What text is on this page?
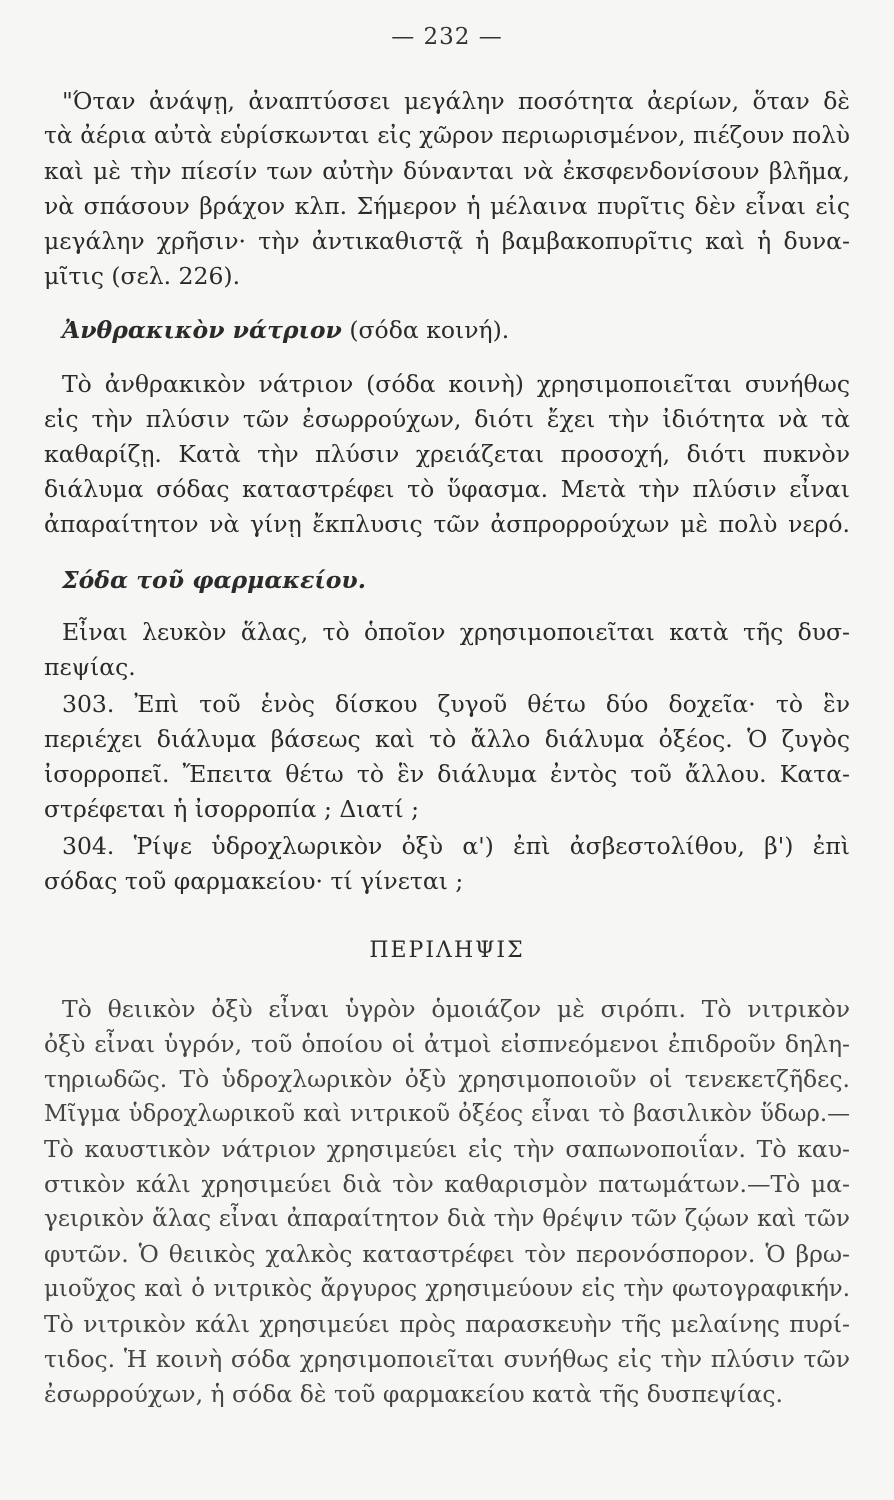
— 232 —
"Όταν ἀνάψῃ, ἀναπτύσσει μεγάλην ποσότητα ἀερίων, ὅταν δὲ
τὰ ἀέρια αὐτὰ εὑρίσκωνται εἰς χῶρον περιωρισμένον, πιέζουν πολὺ
καὶ μὲ τὴν πίεσίν των αὐτὴν δύνανται νὰ ἐκσφενδονίσουν βλῆμα,
νὰ σπάσουν βράχον κλπ. Σήμερον ἡ μέλαινα πυρῖτις δὲν εἶναι εἰς
μεγάλην χρῆσιν· τὴν ἀντικαθιστᾷ ἡ βαμβακοπυρῖτις καὶ ἡ δυνα-
μῖτις (σελ. 226).
Ἀνθρακικὸν νάτριον (σόδα κοινή).
Τὸ ἀνθρακικὸν νάτριον (σόδα κοινὴ) χρησιμοποιεῖται συνήθως
εἰς τὴν πλύσιν τῶν ἐσωρρούχων, διότι ἔχει τὴν ἰδιότητα νὰ τὰ
καθαρίζῃ. Κατὰ τὴν πλύσιν χρειάζεται προσοχή, διότι πυκνὸν
διάλυμα σόδας καταστρέφει τὸ ὕφασμα. Μετὰ τὴν πλύσιν εἶναι
ἀπαραίτητον νὰ γίνῃ ἔκπλυσις τῶν ἀσπρορρούχων μὲ πολὺ νερό.
Σόδα τοῦ φαρμακείου.
Εἶναι λευκὸν ἅλας, τὸ ὁποῖον χρησιμοποιεῖται κατὰ τῆς δυσ-
πεψίας.
303. Ἐπὶ τοῦ ἑνὸς δίσκου ζυγοῦ θέτω δύο δοχεῖα· τὸ ἓν
περιέχει διάλυμα βάσεως καὶ τὸ ἄλλο διάλυμα ὀξέος. Ὁ ζυγὸς
ἰσορροπεῖ. Ἔπειτα θέτω τὸ ἓν διάλυμα ἐντὸς τοῦ ἄλλου. Κατα-
στρέφεται ἡ ἰσορροπία ; Διατί ;
304. Ῥίψε ὑδροχλωρικὸν ὀξὺ α') ἐπὶ ἀσβεστολίθου, β') ἐπὶ
σόδας τοῦ φαρμακείου· τί γίνεται ;
ΠΕΡΙΛΗΨΙΣ
Τὸ θειικὸν ὀξὺ εἶναι ὑγρὸν ὁμοιάζον μὲ σιρόπι. Τὸ νιτρικὸν
ὀξὺ εἶναι ὑγρόν, τοῦ ὁποίου οἱ ἀτμοὶ εἰσπνεόμενοι ἐπιδροῦν δηλη-
τηριωδῶς. Τὸ ὑδροχλωρικὸν ὀξὺ χρησιμοποιοῦν οἱ τενεκετζῆδες.
Μῖγμα ὑδροχλωρικοῦ καὶ νιτρικοῦ ὀξέος εἶναι τὸ βασιλικὸν ὕδωρ.—
Τὸ καυστικὸν νάτριον χρησιμεύει εἰς τὴν σαπωνοποιΐαν. Τὸ καυ-
στικὸν κάλι χρησιμεύει διὰ τὸν καθαρισμὸν πατωμάτων.—Τὸ μα-
γειρικὸν ἅλας εἶναι ἀπαραίτητον διὰ τὴν θρέψιν τῶν ζῴων καὶ τῶν
φυτῶν. Ὁ θειικὸς χαλκὸς καταστρέφει τὸν περονόσπορον. Ὁ βρω-
μιοῦχος καὶ ὁ νιτρικὸς ἄργυρος χρησιμεύουν εἰς τὴν φωτογραφικήν.
Τὸ νιτρικὸν κάλι χρησιμεύει πρὸς παρασκευὴν τῆς μελαίνης πυρί-
τιδος. Ἡ κοινὴ σόδα χρησιμοποιεῖται συνήθως εἰς τὴν πλύσιν τῶν
ἐσωρρούχων, ἡ σόδα δὲ τοῦ φαρμακείου κατὰ τῆς δυσπεψίας.
